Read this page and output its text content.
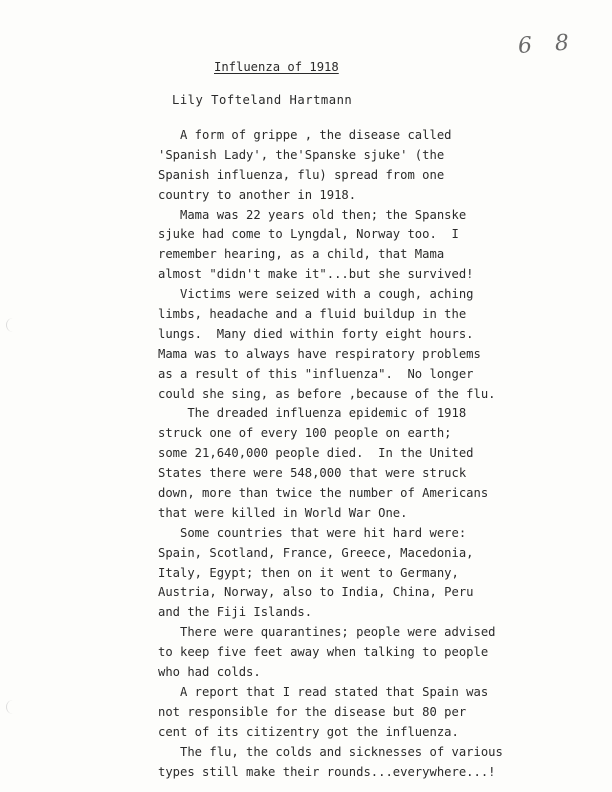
6 8
Influenza of 1918
Lily Tofteland Hartmann
A form of grippe , the disease called
'Spanish Lady', the'Spanske sjuke' (the
Spanish influenza, flu) spread from one
country to another in 1918.
Mama was 22 years old then; the Spanske
sjuke had come to Lyngdal, Norway too.  I
remember hearing, as a child, that Mama
almost "didn't make it"...but she survived!
Victims were seized with a cough, aching
limbs, headache and a fluid buildup in the
lungs.  Many died within forty eight hours.
Mama was to always have respiratory problems
as a result of this "influenza".  No longer
could she sing, as before ,because of the flu.
The dreaded influenza epidemic of 1918
struck one of every 100 people on earth;
some 21,640,000 people died.  In the United
States there were 548,000 that were struck
down, more than twice the number of Americans
that were killed in World War One.
Some countries that were hit hard were:
Spain, Scotland, France, Greece, Macedonia,
Italy, Egypt; then on it went to Germany,
Austria, Norway, also to India, China, Peru
and the Fiji Islands.
There were quarantines; people were advised
to keep five feet away when talking to people
who had colds.
A report that I read stated that Spain was
not responsible for the disease but 80 per
cent of its citizentry got the influenza.
The flu, the colds and sicknesses of various
types still make their rounds...everywhere...!
